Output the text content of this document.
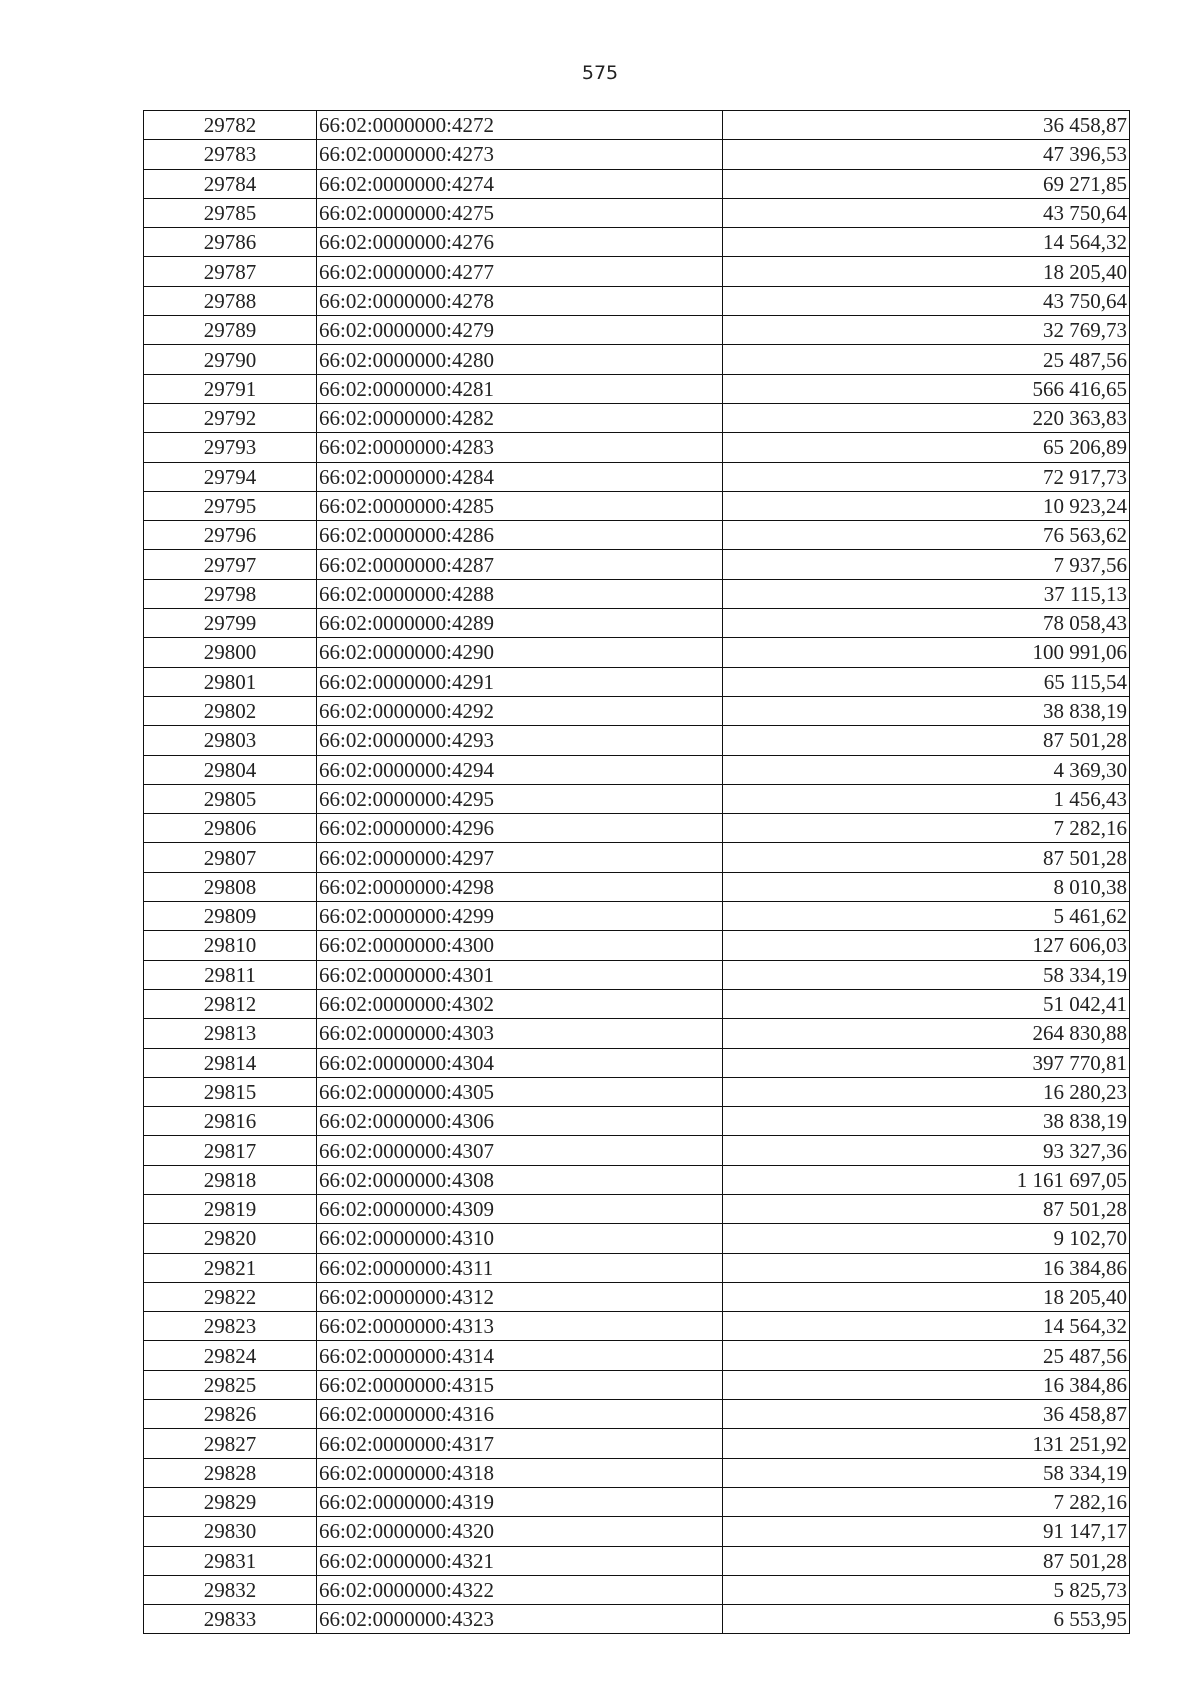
575
29782	66:02:0000000:4272	36 458,87
29783	66:02:0000000:4273	47 396,53
29784	66:02:0000000:4274	69 271,85
29785	66:02:0000000:4275	43 750,64
29786	66:02:0000000:4276	14 564,32
29787	66:02:0000000:4277	18 205,40
29788	66:02:0000000:4278	43 750,64
29789	66:02:0000000:4279	32 769,73
29790	66:02:0000000:4280	25 487,56
29791	66:02:0000000:4281	566 416,65
29792	66:02:0000000:4282	220 363,83
29793	66:02:0000000:4283	65 206,89
29794	66:02:0000000:4284	72 917,73
29795	66:02:0000000:4285	10 923,24
29796	66:02:0000000:4286	76 563,62
29797	66:02:0000000:4287	7 937,56
29798	66:02:0000000:4288	37 115,13
29799	66:02:0000000:4289	78 058,43
29800	66:02:0000000:4290	100 991,06
29801	66:02:0000000:4291	65 115,54
29802	66:02:0000000:4292	38 838,19
29803	66:02:0000000:4293	87 501,28
29804	66:02:0000000:4294	4 369,30
29805	66:02:0000000:4295	1 456,43
29806	66:02:0000000:4296	7 282,16
29807	66:02:0000000:4297	87 501,28
29808	66:02:0000000:4298	8 010,38
29809	66:02:0000000:4299	5 461,62
29810	66:02:0000000:4300	127 606,03
29811	66:02:0000000:4301	58 334,19
29812	66:02:0000000:4302	51 042,41
29813	66:02:0000000:4303	264 830,88
29814	66:02:0000000:4304	397 770,81
29815	66:02:0000000:4305	16 280,23
29816	66:02:0000000:4306	38 838,19
29817	66:02:0000000:4307	93 327,36
29818	66:02:0000000:4308	1 161 697,05
29819	66:02:0000000:4309	87 501,28
29820	66:02:0000000:4310	9 102,70
29821	66:02:0000000:4311	16 384,86
29822	66:02:0000000:4312	18 205,40
29823	66:02:0000000:4313	14 564,32
29824	66:02:0000000:4314	25 487,56
29825	66:02:0000000:4315	16 384,86
29826	66:02:0000000:4316	36 458,87
29827	66:02:0000000:4317	131 251,92
29828	66:02:0000000:4318	58 334,19
29829	66:02:0000000:4319	7 282,16
29830	66:02:0000000:4320	91 147,17
29831	66:02:0000000:4321	87 501,28
29832	66:02:0000000:4322	5 825,73
29833	66:02:0000000:4323	6 553,95
